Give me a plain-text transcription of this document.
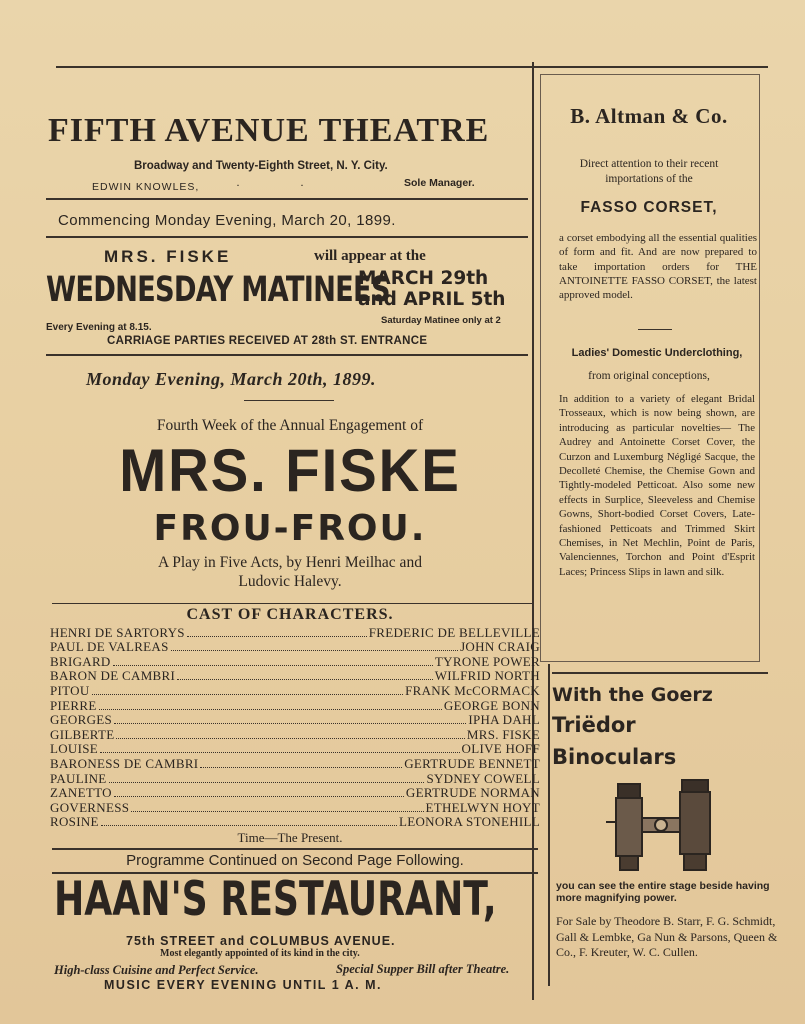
FIFTH AVENUE THEATRE
Broadway and Twenty-Eighth Street, N. Y. City.
EDWIN KNOWLES,	··	Sole Manager.
Commencing Monday Evening, March 20, 1899.
MRS. FISKE	will appear at the
WEDNESDAY MATINEES
MARCH 29th
and APRIL 5th
Every Evening at 8.15.
Saturday Matinee only at 2
CARRIAGE PARTIES RECEIVED AT 28th ST. ENTRANCE
Monday Evening, March 20th, 1899.
Fourth Week of the Annual Engagement of
MRS. FISKE
FROU-FROU.
A Play in Five Acts, by Henri Meilhac and
Ludovic Halevy.
CAST OF CHARACTERS.
HENRI DE SARTORYS	FREDERIC DE BELLEVILLE
PAUL DE VALREAS	JOHN CRAIG
BRIGARD	TYRONE POWER
BARON DE CAMBRI	WILFRID NORTH
PITOU	FRANK McCORMACK
PIERRE	GEORGE BONN
GEORGES	IPHA DAHL
GILBERTE	MRS. FISKE
LOUISE	OLIVE HOFF
BARONESS DE CAMBRI	GERTRUDE BENNETT
PAULINE	SYDNEY COWELL
ZANETTO	GERTRUDE NORMAN
GOVERNESS	ETHELWYN HOYT
ROSINE	LEONORA STONEHILL
Time—The Present.
Programme Continued on Second Page Following.
HAAN'S RESTAURANT,
75th STREET and COLUMBUS AVENUE.
Most elegantly appointed of its kind in the city.
High-class Cuisine and Perfect Service.	Special Supper Bill after Theatre.
MUSIC EVERY EVENING UNTIL 1 A. M.
B. Altman & Co.
Direct attention to their recent
importations of the
FASSO CORSET,
a corset embodying all the essential qualities of form and fit. And are now prepared to take importation orders for THE ANTOINETTE FASSO CORSET, the latest approved model.
Ladies' Domestic Underclothing,
from original conceptions,
In addition to a variety of elegant Bridal Trosseaux, which is now being shown, are introducing as particular novelties— The Audrey and Antoinette Corset Cover, the Curzon and Luxemburg Négligé Sacque, the Decolleté Chemise, the Chemise Gown and Tightly-modeled Petticoat. Also some new effects in Surplice, Sleeveless and Chemise Gowns, Short-bodied Corset Covers, Late-fashioned Petticoats and Trimmed Skirt Chemises, in Net Mechlin, Point de Paris, Valenciennes, Torchon and Point d'Esprit Laces; Princess Slips in lawn and silk.
With the Goerz
Triëdor
Binoculars
you can see the entire stage beside having more magnifying power.
For Sale by Theodore B. Starr, F. G. Schmidt, Gall & Lembke, Ga Nun & Parsons, Queen & Co., F. Kreuter, W. C. Cullen.
